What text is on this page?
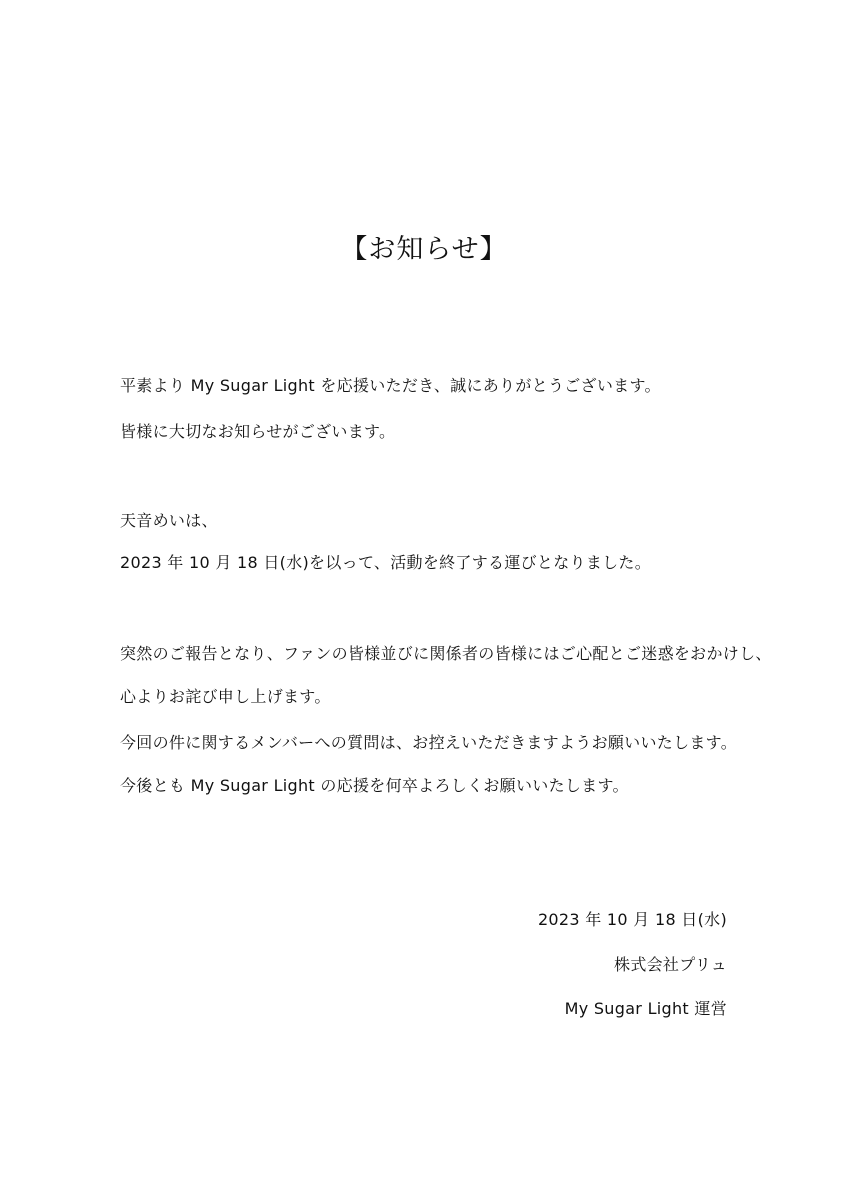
【お知らせ】
平素より My Sugar Light を応援いただき、誠にありがとうございます。
皆様に大切なお知らせがございます。
天音めいは、
2023 年 10 月 18 日(水)を以って、活動を終了する運びとなりました。
突然のご報告となり、ファンの皆様並びに関係者の皆様にはご心配とご迷惑をおかけし、
心よりお詫び申し上げます。
今回の件に関するメンバーへの質問は、お控えいただきますようお願いいたします。
今後とも My Sugar Light の応援を何卒よろしくお願いいたします。
2023 年 10 月 18 日(水)
株式会社プリュ
My Sugar Light 運営
